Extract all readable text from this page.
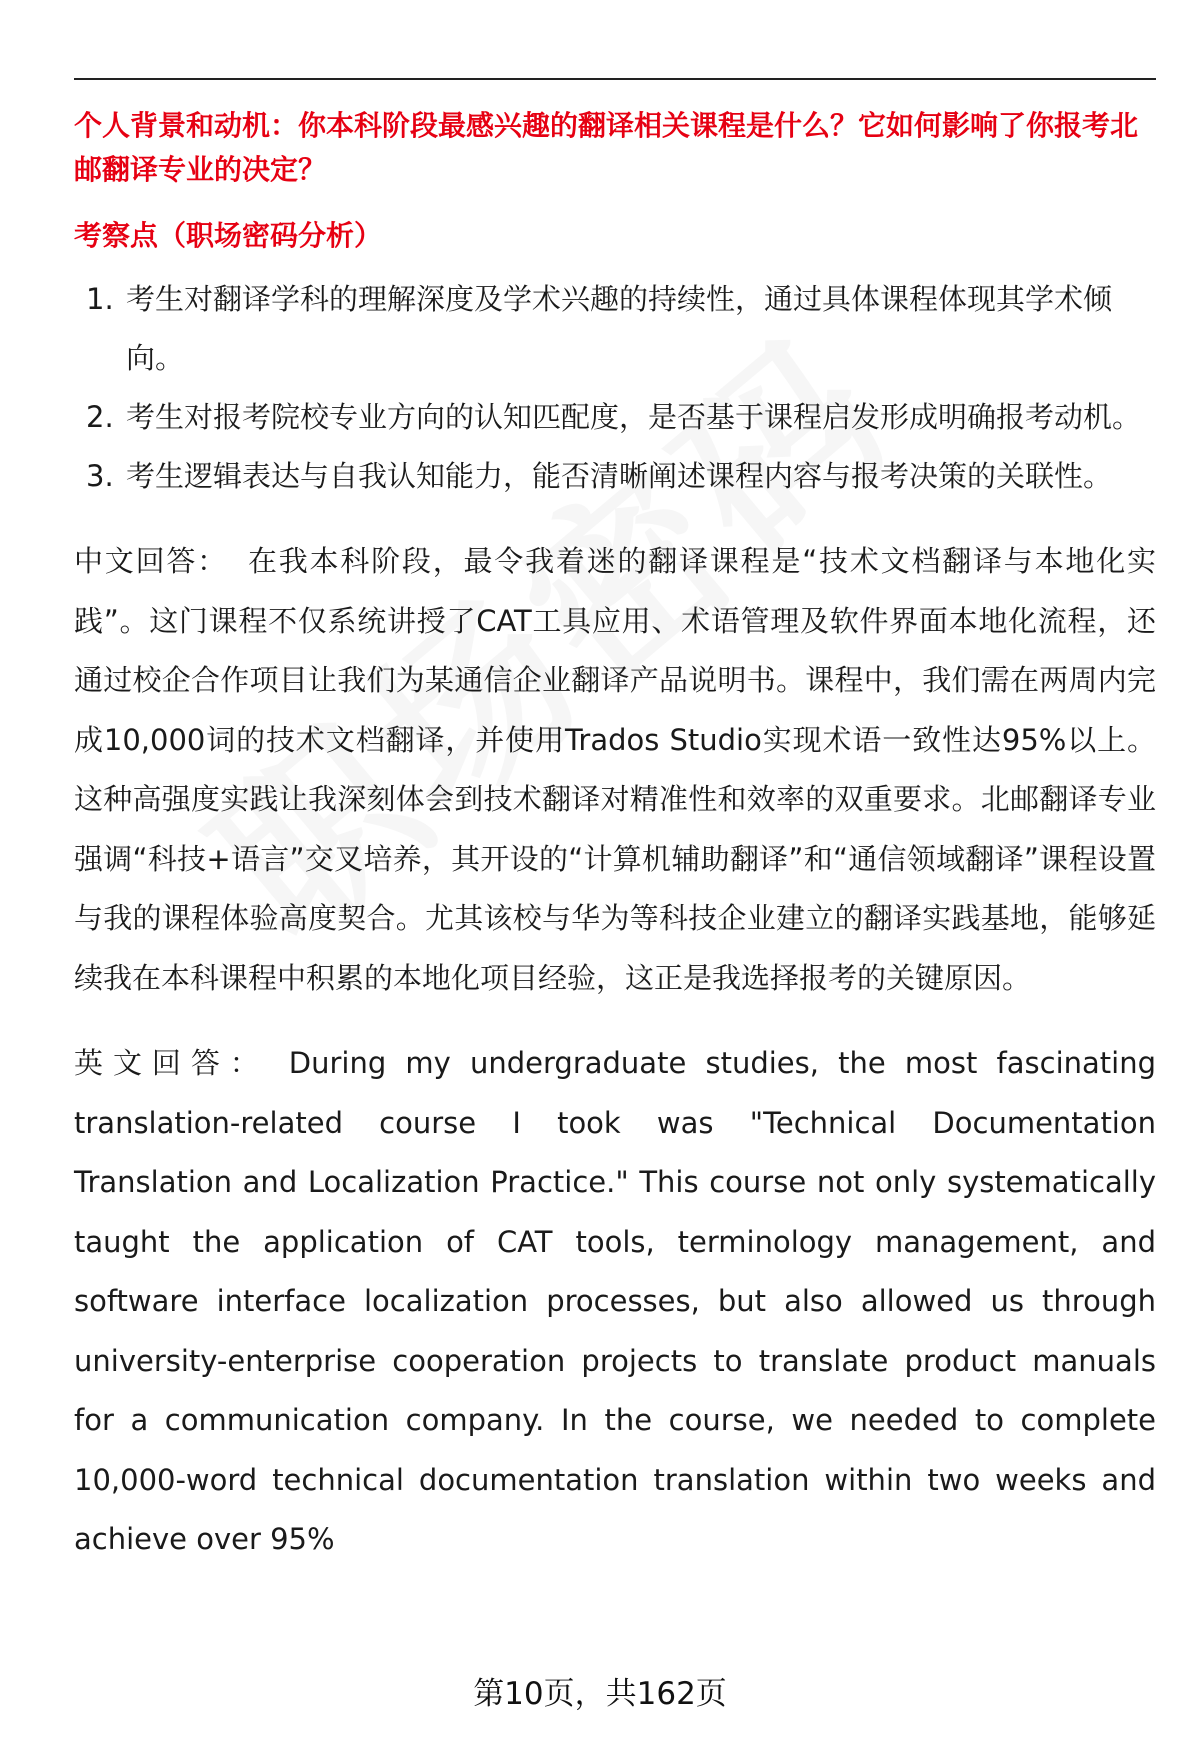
个人背景和动机：你本科阶段最感兴趣的翻译相关课程是什么？它如何影响了你报考北邮翻译专业的决定？

考察点（职场密码分析）
1. 考生对翻译学科的理解深度及学术兴趣的持续性，通过具体课程体现其学术倾向。
2. 考生对报考院校专业方向的认知匹配度，是否基于课程启发形成明确报考动机。
3. 考生逻辑表达与自我认知能力，能否清晰阐述课程内容与报考决策的关联性。

中文回答： 在我本科阶段，最令我着迷的翻译课程是“技术文档翻译与本地化实践”。这门课程不仅系统讲授了CAT工具应用、术语管理及软件界面本地化流程，还通过校企合作项目让我们为某通信企业翻译产品说明书。课程中，我们需在两周内完成10,000词的技术文档翻译，并使用Trados Studio实现术语一致性达95%以上。这种高强度实践让我深刻体会到技术翻译对精准性和效率的双重要求。北邮翻译专业强调“科技+语言”交叉培养，其开设的“计算机辅助翻译”和“通信领域翻译”课程设置与我的课程体验高度契合。尤其该校与华为等科技企业建立的翻译实践基地，能够延续我在本科课程中积累的本地化项目经验，这正是我选择报考的关键原因。

英文回答： During my undergraduate studies, the most fascinating translation-related course I took was "Technical Documentation Translation and Localization Practice." This course not only systematically taught the application of CAT tools, terminology management, and software interface localization processes, but also allowed us through university-enterprise cooperation projects to translate product manuals for a communication company. In the course, we needed to complete 10,000-word technical documentation translation within two weeks and achieve over 95%

第10页，共162页
